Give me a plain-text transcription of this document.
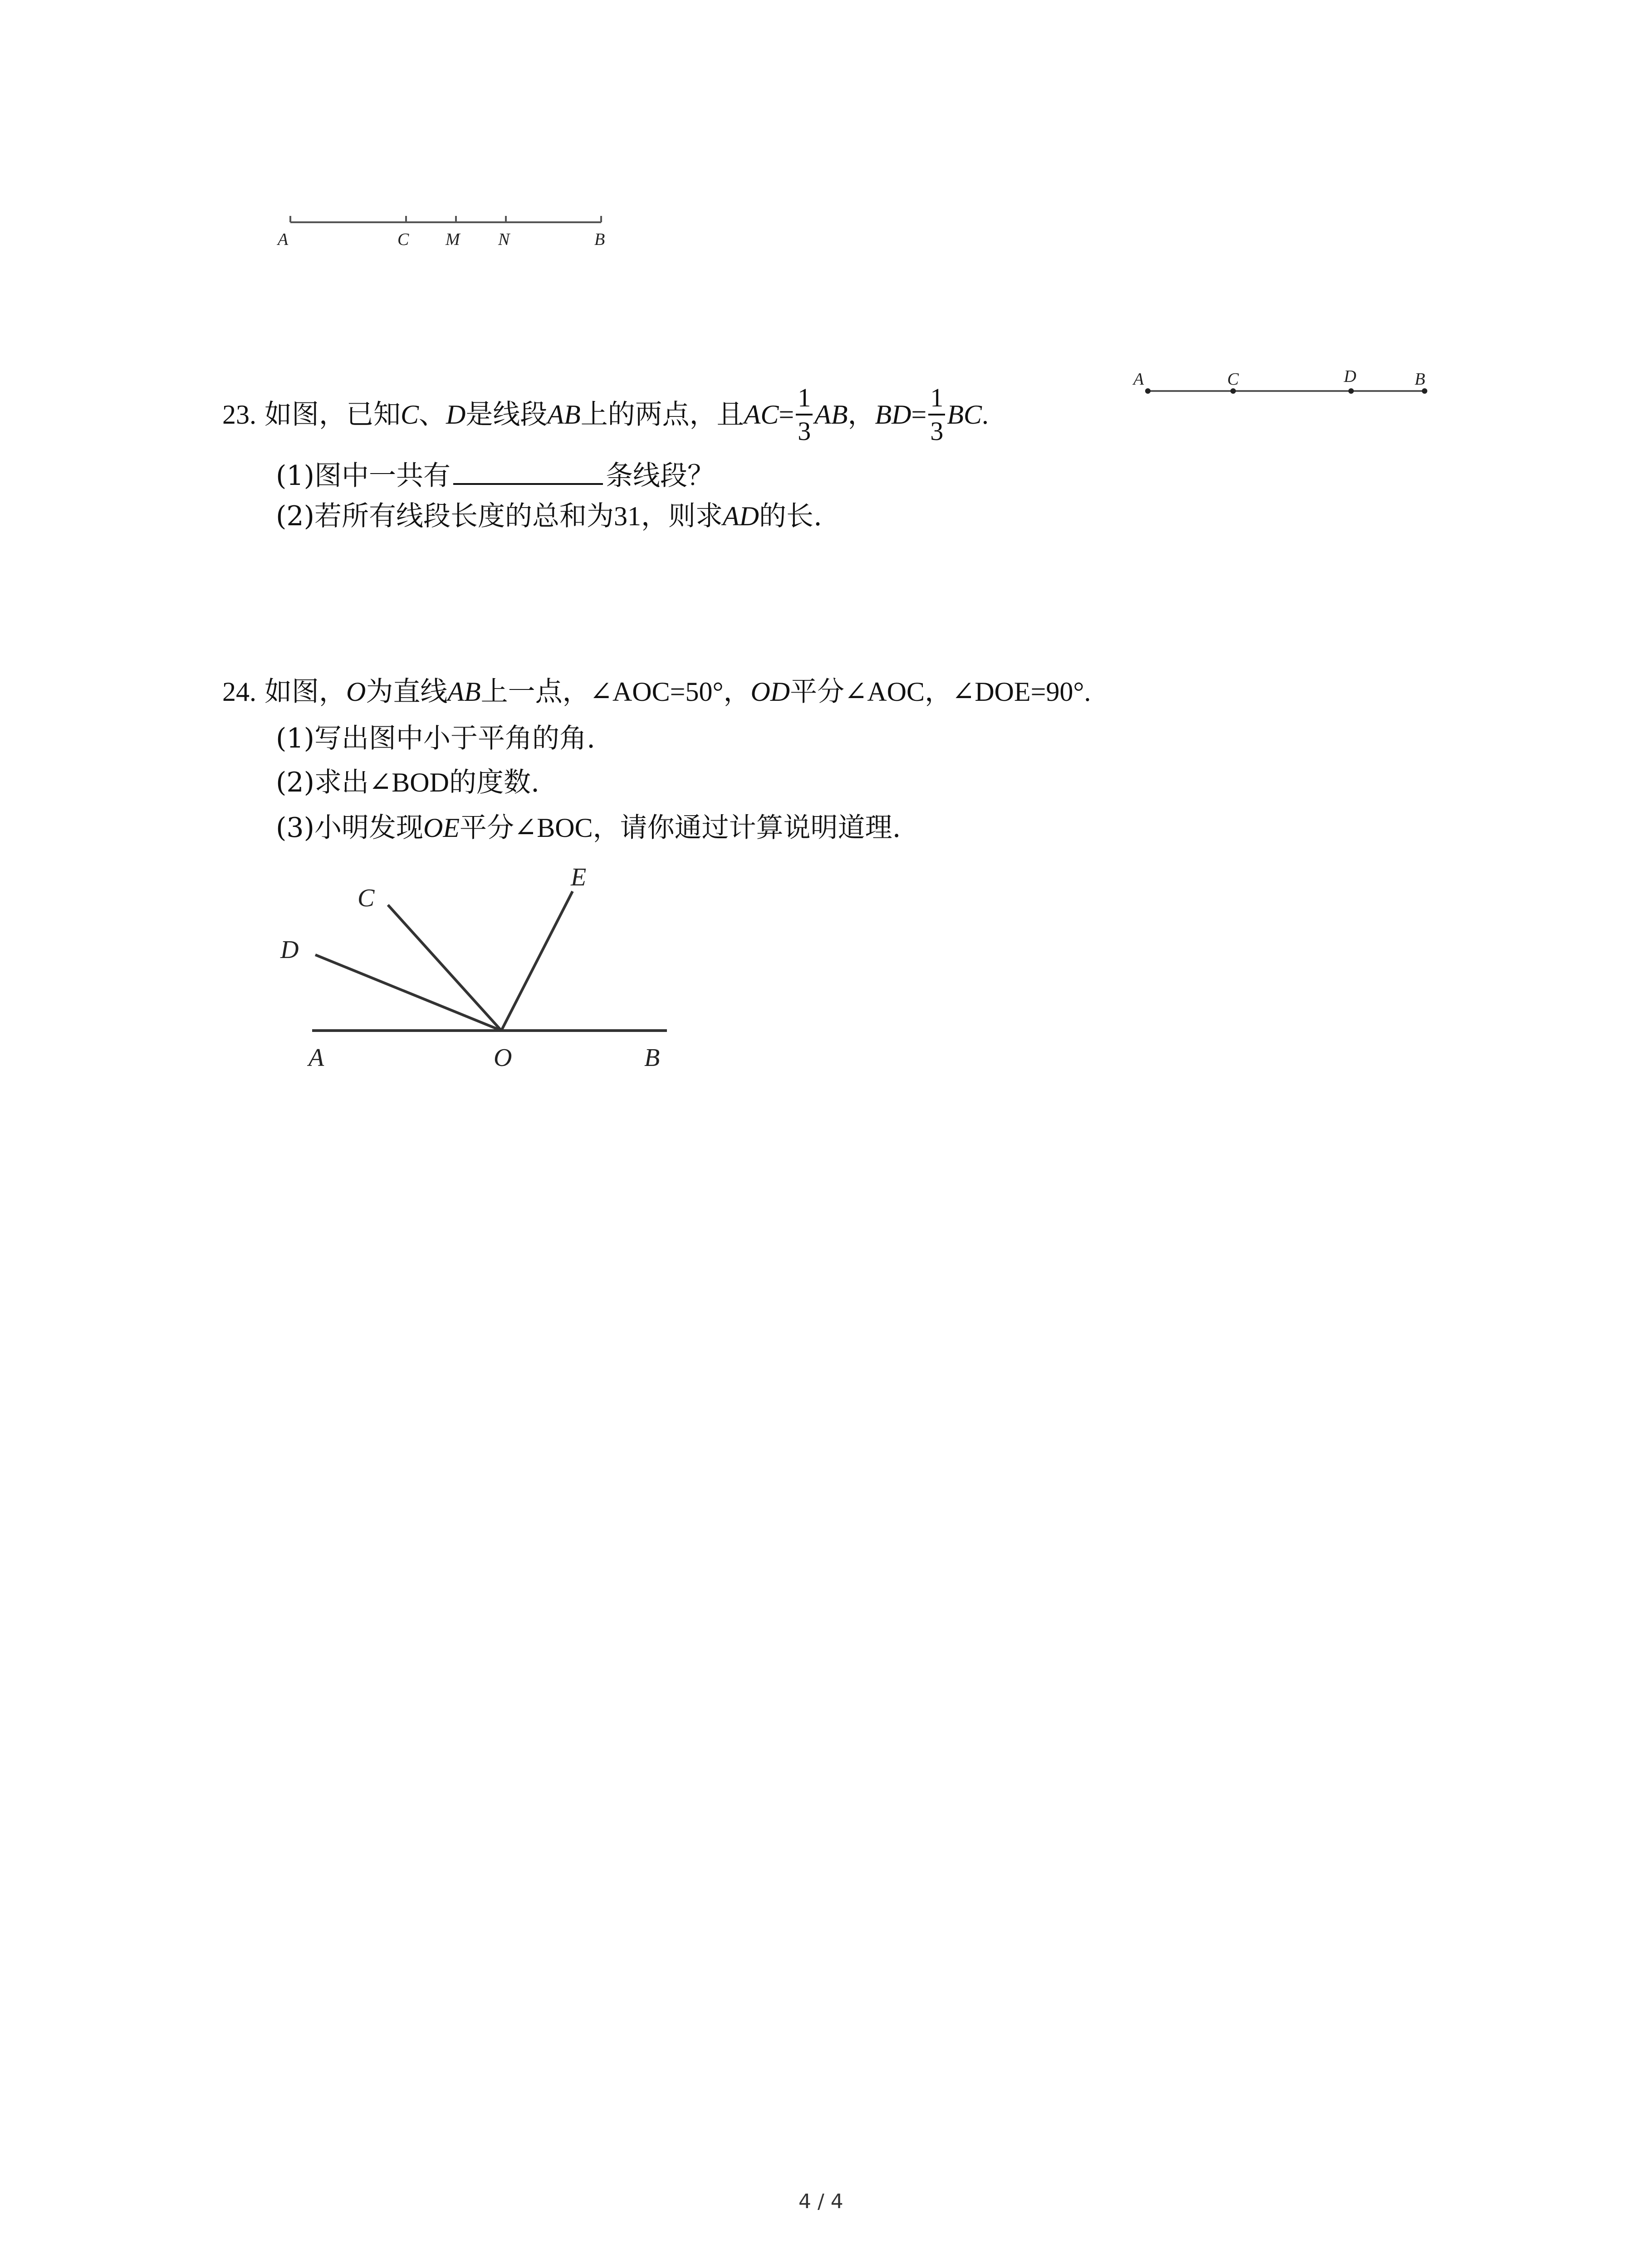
A	C M N	B
23. 如图，已知 C 、 D 是线段 AB 上的两点，且 AC = $\frac{1}{3}$ AB ， BD = $\frac{1}{3}$ BC .
A	C	D	B
(1)图中一共有	条线段？
(2)若所有线段长度的总和为31，则求AD的长.
24. 如图，O为直线AB上一点，∠AOC=50°，OD平分∠AOC，∠DOE=90°.
(1)写出图中小于平角的角.
(2)求出∠BOD的度数.
(3)小明发现OE平分∠BOC，请你通过计算说明道理.
C
E
D
A	O	B
4 / 4
